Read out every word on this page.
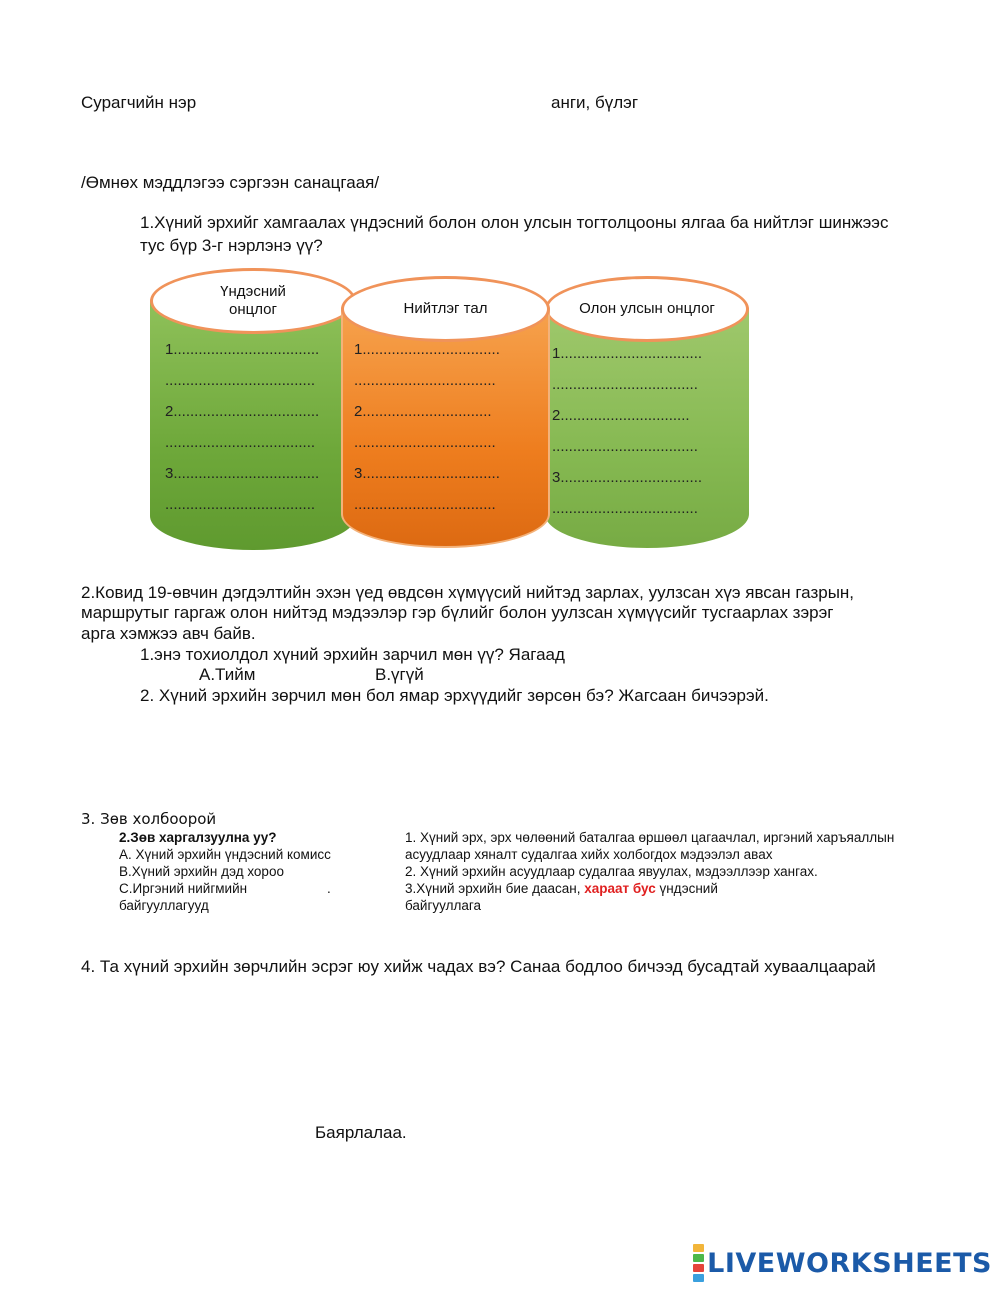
Сурагчийн нэр	анги, бүлэг
/Өмнөх мэддлэгээ сэргээн санацгаая/
1.Хүний эрхийг хамгаалах үндэсний болон олон улсын тогтолцооны ялгаа ба нийтлэг шинжээс
тус бүр 3-г нэрлэнэ үү?
Олон улсын онцлог
1..................................
...................................
2...............................
...................................
3..................................
...................................
Үндэсний онцлог
1...................................
....................................
2...................................
....................................
3...................................
....................................
Нийтлэг тал
1.................................
..................................
2...............................
..................................
3.................................
..................................
2.Ковид 19-өвчин дэгдэлтийн эхэн үед өвдсөн хүмүүсий нийтэд зарлах, уулзсан хүэ явсан газрын,
маршрутыг гаргаж олон нийтэд мэдээлэр гэр бүлийг болон уулзсан хүмүүсийг тусгаарлах зэрэг
арга хэмжээ авч байв.
1.энэ тохиолдол хүний эрхийн зарчил мөн үү? Яагаад
А.Тийм	В.үгүй
2. Хүний эрхийн зөрчил мөн бол ямар эрхүүдийг зөрсөн бэ? Жагсаан бичээрэй.
3. Зөв холбоорой
2.Зөв харгалзуулна уу?
А. Хүний эрхийн үндэсний комисс
В.Хүний эрхийн дэд хороо
С.Иргэний нийгмийн	.
байгууллагууд
1. Хүний эрх, эрх чөлөөний баталгаа өршөөл цагаачлал, иргэний харъяаллын
асуудлаар хяналт судалгаа хийх холбогдох мэдээлэл авах
2. Хүний эрхийн асуудлаар судалгаа явуулах, мэдээллээр хангах.
3.Хүний эрхийн бие даасан, хараат бус үндэсний
байгууллага
4. Та хүний эрхийн зөрчлийн эсрэг юу хийж чадах вэ? Санаа бодлоо бичээд бусадтай хуваалцаарай
Баярлалаа.
LIVEWORKSHEETS
